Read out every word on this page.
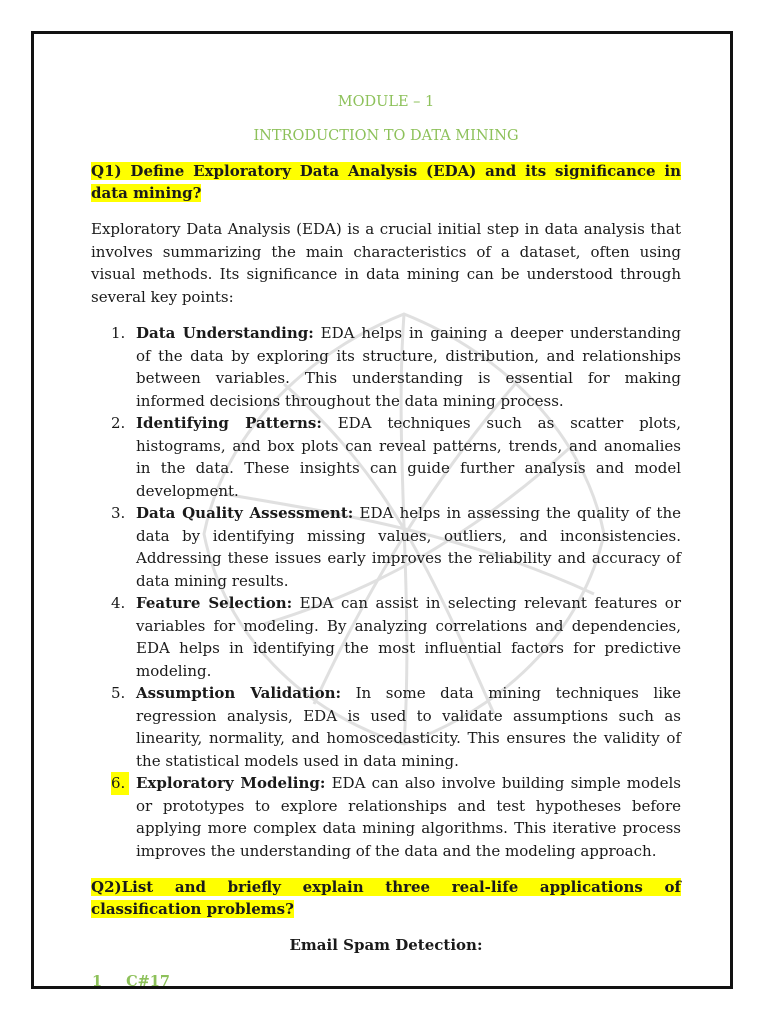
MODULE – 1

INTRODUCTION TO DATA MINING

Q1) Define Exploratory Data Analysis (EDA) and its significance in data mining?

Exploratory Data Analysis (EDA) is a crucial initial step in data analysis that involves summarizing the main characteristics of a dataset, often using visual methods. Its significance in data mining can be understood through several key points:

1. Data Understanding: EDA helps in gaining a deeper understanding of the data by exploring its structure, distribution, and relationships between variables. This understanding is essential for making informed decisions throughout the data mining process.
2. Identifying Patterns: EDA techniques such as scatter plots, histograms, and box plots can reveal patterns, trends, and anomalies in the data. These insights can guide further analysis and model development.
3. Data Quality Assessment: EDA helps in assessing the quality of the data by identifying missing values, outliers, and inconsistencies. Addressing these issues early improves the reliability and accuracy of data mining results.
4. Feature Selection: EDA can assist in selecting relevant features or variables for modeling. By analyzing correlations and dependencies, EDA helps in identifying the most influential factors for predictive modeling.
5. Assumption Validation: In some data mining techniques like regression analysis, EDA is used to validate assumptions such as linearity, normality, and homoscedasticity. This ensures the validity of the statistical models used in data mining.
6. Exploratory Modeling: EDA can also involve building simple models or prototypes to explore relationships and test hypotheses before applying more complex data mining algorithms. This iterative process improves the understanding of the data and the modeling approach.

Q2)List and briefly explain three real-life applications of classification problems?

Email Spam Detection:

1 C#17
